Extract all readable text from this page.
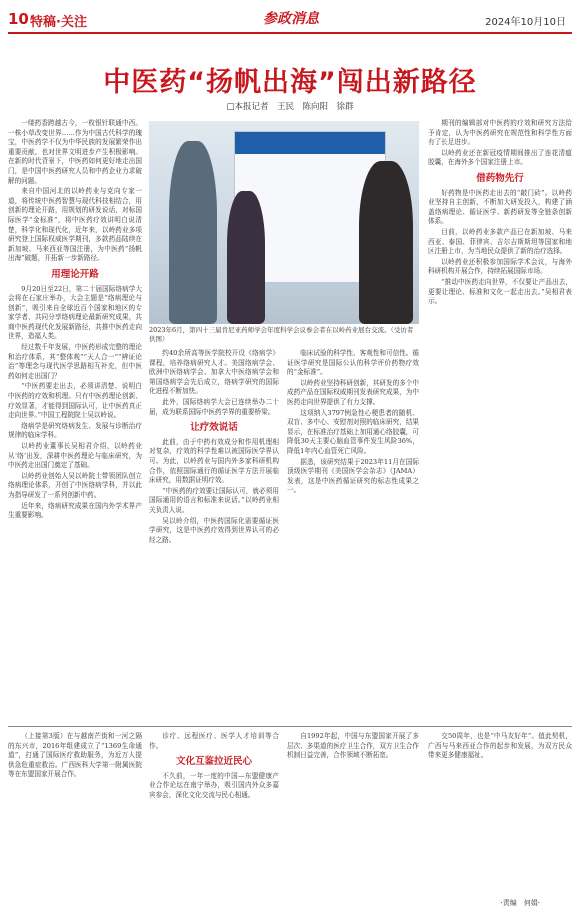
10 特稿·关注	参政消息	2024年10月10日
中医药“扬帆出海”闯出新路径
□本报记者　王民　陈向阳　徐群

一缕药香跨越古今，一枚银针联通中西。一株小草改变世界……作为中国古代科学的瑰宝，中医药学不仅为中华民族的发展繁荣作出重要贡献，也对世界文明进步产生积极影响。在新的时代背景下，中医药如何更好地走出国门，是中国中医药研究人员和中药企业力求破解的问题。

来自中国河北的以岭药业与克向专家一道，将传统中医药智慧与现代科技相结合，用创新的理论开路，用规划的研发说话，对标国际医学“金标准”，将中医药疗效讲明白说清楚，科学化和现代化，近年来，以岭药业多项研究登上国际权威医学期刊，多款药品陆续在新加坡、马来西亚等国注册，为中医药“扬帆出海”破题，开拓新一步新路径。

用理论开路

9月20日至22日，第二十届国际络病学大会将在石家庄举办，大会主题是“络病理论与创新”，吸引来自全球近百个国家和地区的专家学者，共同分享络病理论最新研究成果，共商中医药现代化发展新路径，共推中医药走向世界，造福人类。

经过数千年发展，中医药形成完整的理论和治疗体系，其“整体观”“天人合一”“辨证论治”等理念与现代医学思路相互补充，但中医药如何走出国门？

“中医药要走出去，必须讲清楚、说明白中医药的疗效和机理。只有中医药理论创新、疗效显著，才能得到国际认可，让中医药真正走向世界。”中国工程院院士吴以岭说。

络病学是研究络病发生、发展与诊断治疗规律的临床学科。

以岭药业董事长吴相君介绍，以岭药业从‘络’出发，深耕中医药理论与临床研究，为中医药走出国门奠定了基础。

以岭药业创始人吴以岭院士带领团队创立络病理论体系，开创了中医络病学科，并以此为指导研发了一系列创新中药。

近年来，络病研究成果在国内外学术界产生重要影响。

2023年6月，第四十三届肯尼亚药师学会年度科学会议参会者在以岭药业展台交流。（受访者供图）

约40余所高等医学院校开设《络病学》课程，培养络病研究人才。美国络病学会、欧洲中医络病学会、加拿大中医络病学会和第国络病学会先后成立，络病学研究的国际化进程不断加快。

此外，国际络病学大会已连续举办二十届，成为联系国际中医药学界的重要桥梁。

让疗效说话

此前，由于中药有效成分和作用机理相对复杂，疗效的科学性难以被国际医学界认可。为此，以岭药业与国内外多家科研机构合作，依照国际通行的循证医学方法开展临床研究，用数据证明疗效。

“中医药的疗效要让国际认可，就必须用国际通用的语言和标准来说话。”以岭药业相关负责人说。

吴以岭介绍，中医药国际化需要循证医学研究，这是中医药疗效得到世界认可的必经之路。

临床试验的科学性、客观性和可信性。循证医学研究是国际公认的科学评价药物疗效的“金标准”。

以岭药业坚持科研创新，其研发的多个中成药产品在国际权威期刊发表研究成果，为中医药走向世界提供了有力支撑。

这项纳入3797例急性心梗患者的随机、双盲、多中心、安慰剂对照的临床研究，结果显示，在标准治疗基础上加用通心络胶囊，可降低30天主要心脑血管事件发生风险36%，降低1年内心血管死亡风险。

据悉，该研究结果于2023年11月在国际顶级医学期刊《美国医学会杂志》（JAMA）发表，这是中医药循证研究的标志性成果之一。

期刊的编辑部对中医药的疗效和研究方法给予肯定，认为中医药研究在规范性和科学性方面有了长足进步。

以岭药业还在新冠疫情期间推出了连花清瘟胶囊，在海外多个国家注册上市。

借药物先行

好药物是中医药走出去的“敲门砖”。以岭药业坚持自主创新，不断加大研发投入，构建了涵盖络病理论、循证医学、新药研发等全链条创新体系。

目前，以岭药业多款产品已在新加坡、马来西亚、泰国、菲律宾、吉尔吉斯斯坦等国家和地区注册上市，为当地民众提供了新的治疗选择。

以岭药业还积极参加国际学术会议，与海外科研机构开展合作，持续拓展国际市场。

“推动中医药走向世界，不仅要让产品出去，更要让理论、标准和文化一起走出去。”吴相君表示。

（上接第3版）在与越南芒街和一河之隔的东兴市，2016年组建成立了“1369生命通道”，打通了国际医疗救助服务，为近万人提供急危重症救治。广西医科大学第一附属医院等在东盟国家开展合作。

诊疗、远程医疗、医学人才培训等合作。

文化互鉴拉近民心

不久前，一年一度的中国—东盟健康产业合作论坛在南宁举办，吸引国内外众多嘉宾参会，深化文化交流与民心相通。

自1992年起，中国与东盟国家开展了多层次、多渠道的医疗卫生合作，双方卫生合作机制日益完善，合作领域不断拓宽。

交50周年，也是“中马友好年”。值此契机，广西与马来西亚合作的起步和发展，为双方民众带来更多健康福祉。

·责编　何娟·
